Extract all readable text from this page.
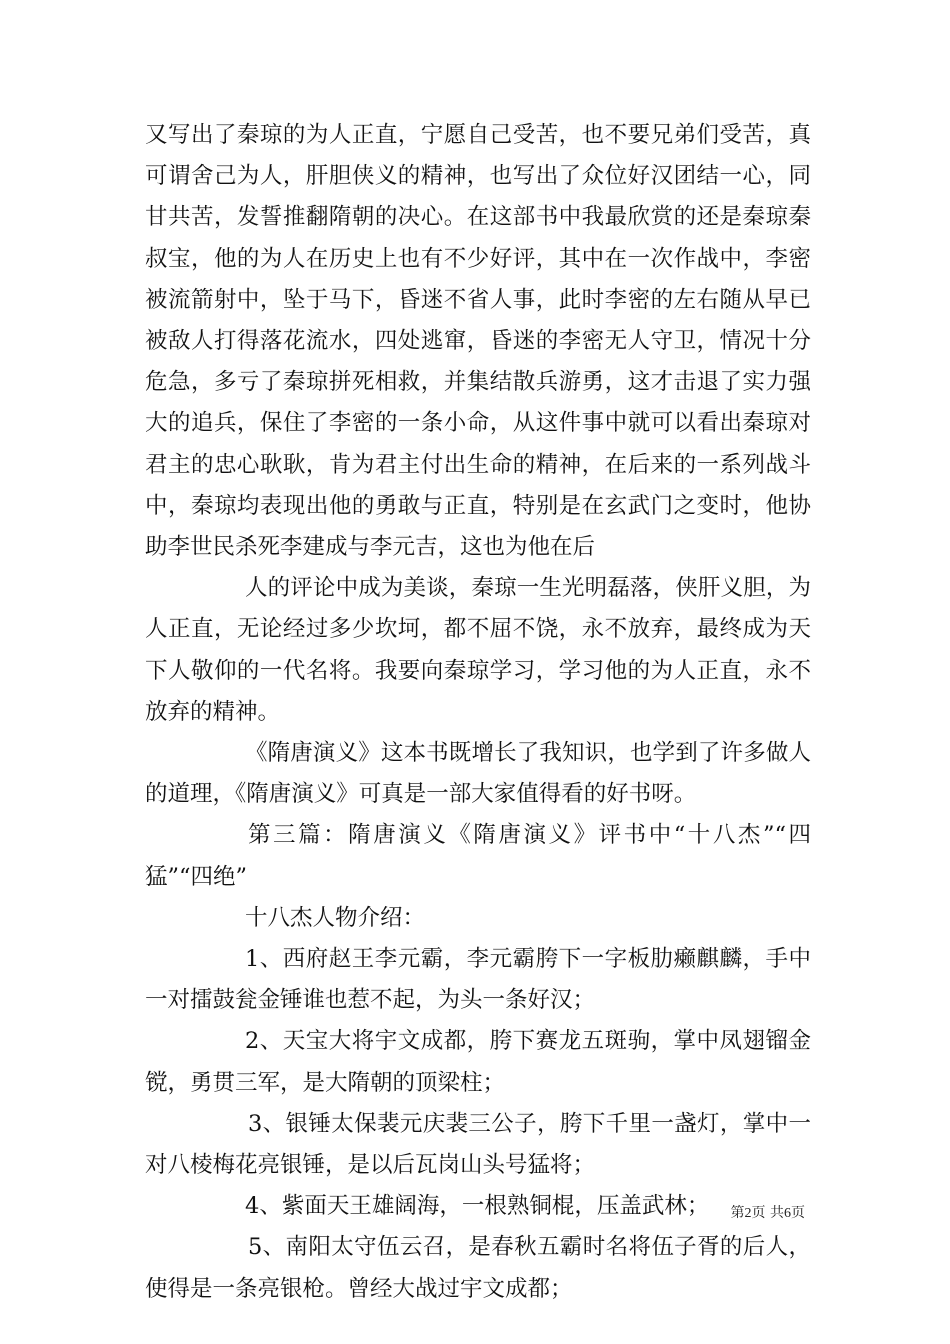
又写出了秦琼的为人正直，宁愿自己受苦，也不要兄弟们受苦，真可谓舍己为人，肝胆侠义的精神，也写出了众位好汉团结一心，同甘共苦，发誓推翻隋朝的决心。在这部书中我最欣赏的还是秦琼秦叔宝，他的为人在历史上也有不少好评，其中在一次作战中，李密被流箭射中，坠于马下，昏迷不省人事，此时李密的左右随从早已被敌人打得落花流水，四处逃窜，昏迷的李密无人守卫，情况十分危急，多亏了秦琼拼死相救，并集结散兵游勇，这才击退了实力强大的追兵，保住了李密的一条小命，从这件事中就可以看出秦琼对君主的忠心耿耿，肯为君主付出生命的精神，在后来的一系列战斗中，秦琼均表现出他的勇敢与正直，特别是在玄武门之变时，他协助李世民杀死李建成与李元吉，这也为他在后

人的评论中成为美谈，秦琼一生光明磊落，侠肝义胆，为人正直，无论经过多少坎坷，都不屈不饶，永不放弃，最终成为天下人敬仰的一代名将。我要向秦琼学习，学习他的为人正直，永不放弃的精神。

《隋唐演义》这本书既增长了我知识，也学到了许多做人的道理，《隋唐演义》可真是一部大家值得看的好书呀。

第三篇：隋唐演义《隋唐演义》评书中“十八杰”“四猛”“四绝”

十八杰人物介绍：

1、西府赵王李元霸，李元霸胯下一字板肋癞麒麟，手中一对擂鼓瓮金锤谁也惹不起，为头一条好汉；

2、天宝大将宇文成都，胯下赛龙五斑驹，掌中凤翅镏金镋，勇贯三军，是大隋朝的顶梁柱；

3、银锤太保裴元庆裴三公子，胯下千里一盏灯，掌中一对八棱梅花亮银锤，是以后瓦岗山头号猛将；

4、紫面天王雄阔海，一根熟铜棍，压盖武林；

5、南阳太守伍云召，是春秋五霸时名将伍子胥的后人，使得是一条亮银枪。曾经大战过宇文成都；

第2页 共6页
